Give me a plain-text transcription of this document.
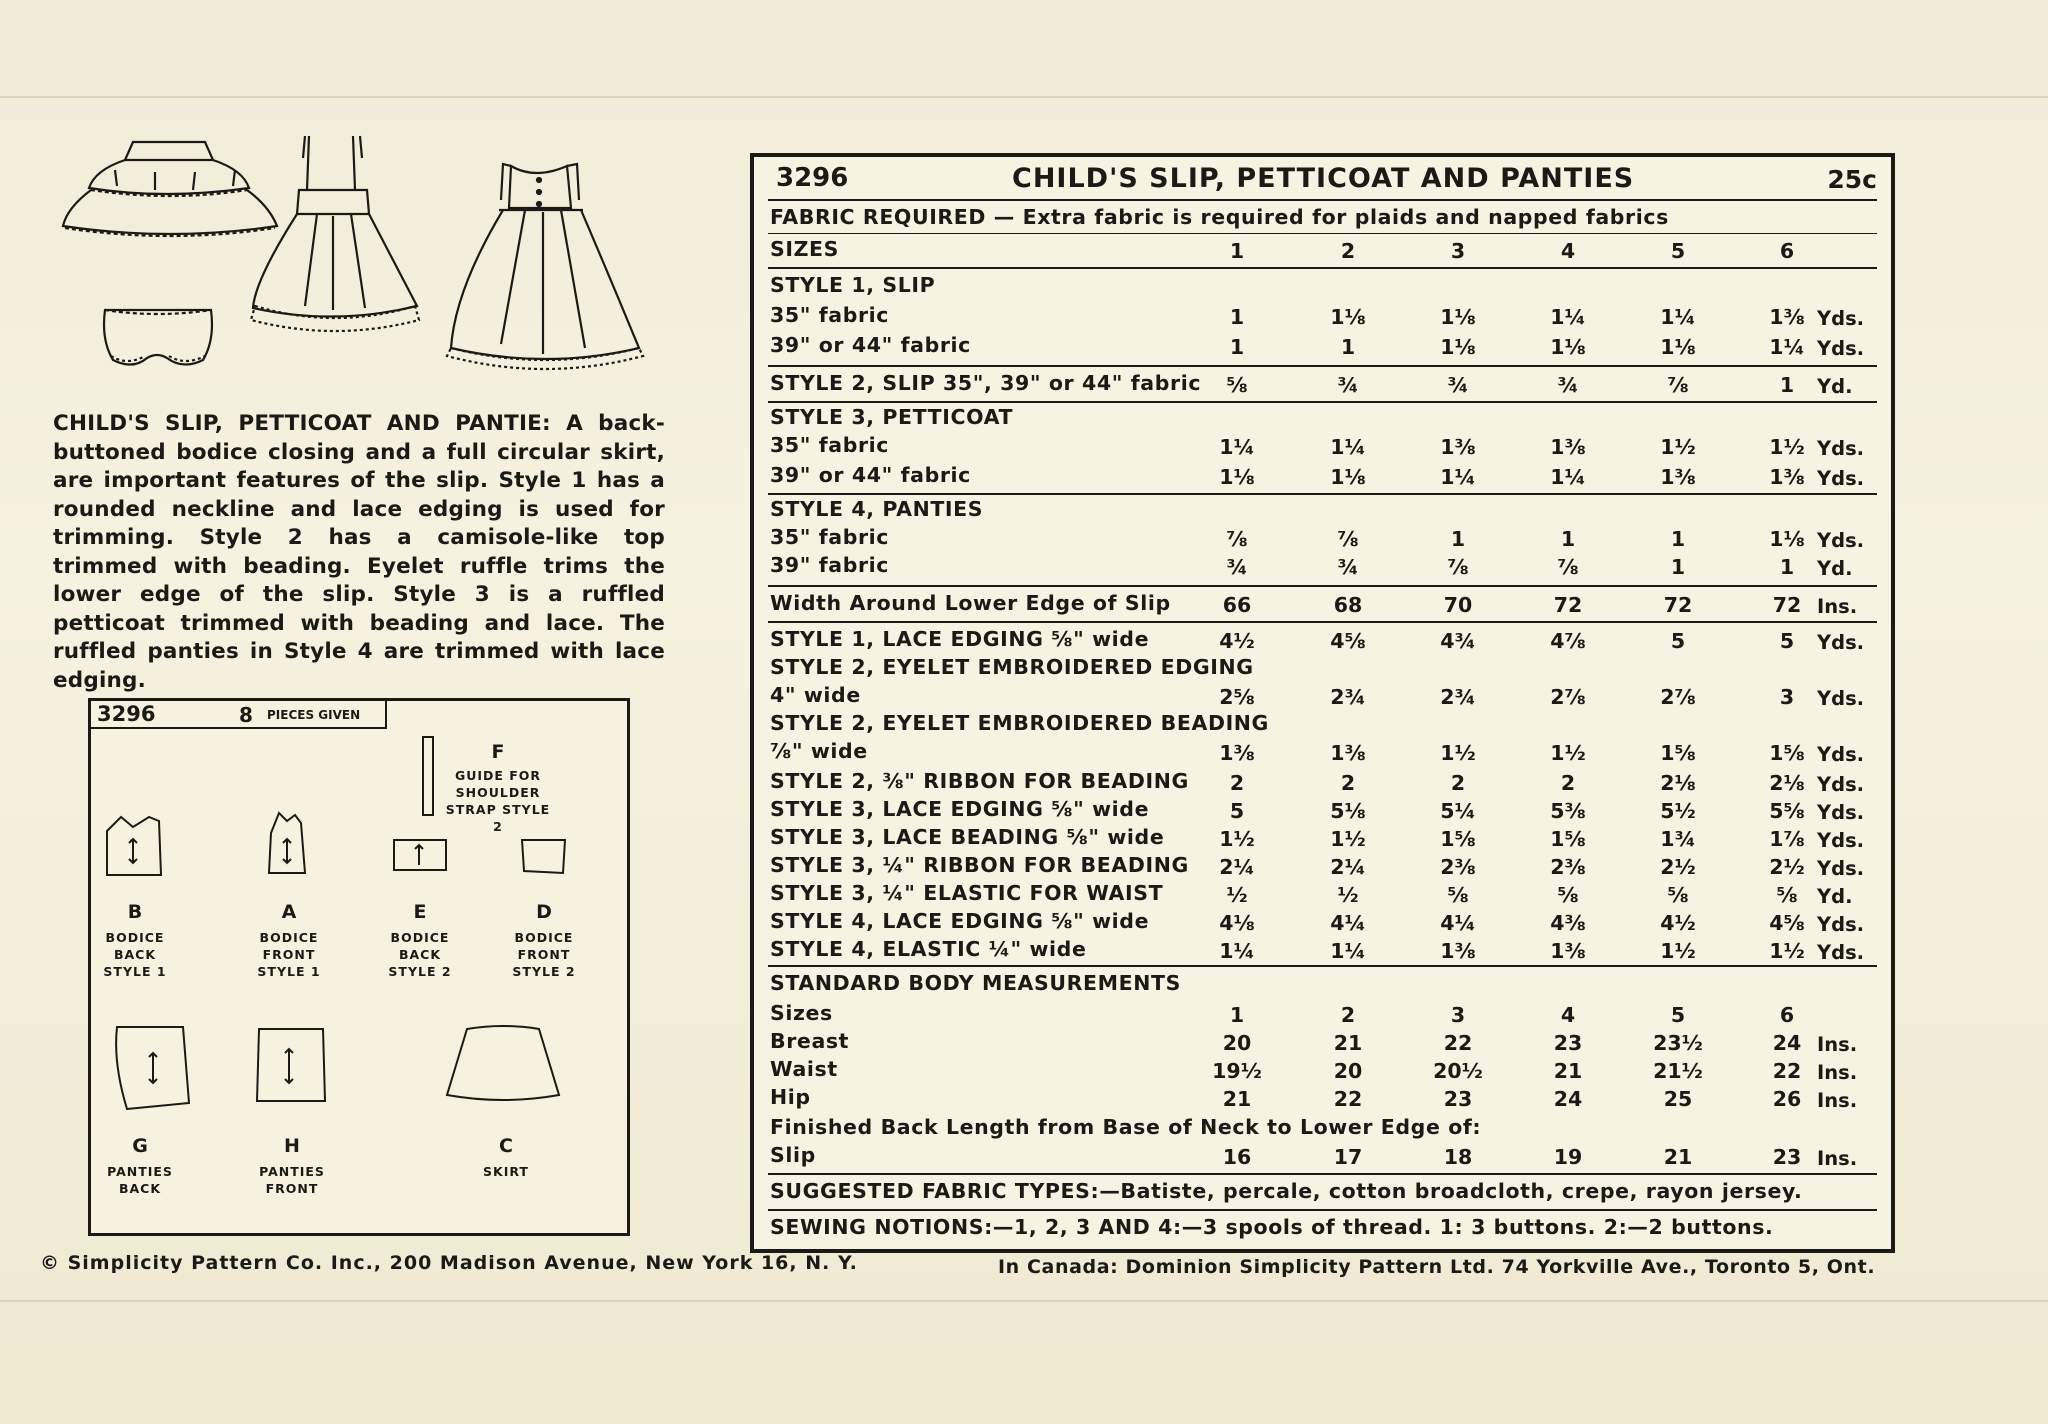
CHILD'S SLIP, PETTICOAT AND PANTIE: A back-buttoned bodice closing and a full circular skirt, are important features of the slip. Style 1 has a rounded neckline and lace edging is used for trimming. Style 2 has a camisole-like top trimmed with beading. Eyelet ruffle trims the lower edge of the slip. Style 3 is a ruffled petticoat trimmed with beading and lace. The ruffled panties in Style 4 are trimmed with lace edging.
3296	8 PIECES GIVEN
F
GUIDE FOR
SHOULDER
STRAP STYLE 2
B
BODICE
BACK
STYLE 1
A
BODICE
FRONT
STYLE 1
E
BODICE
BACK
STYLE 2
D
BODICE
FRONT
STYLE 2
G
PANTIES
BACK
H
PANTIES
FRONT
C
SKIRT
3296	CHILD'S SLIP, PETTICOAT AND PANTIES	25c
FABRIC REQUIRED — Extra fabric is required for plaids and napped fabrics
SIZES	1	2	3	4	5	6
STYLE 1, SLIP
35" fabric	1	1⅛	1⅛	1¼	1¼	1⅜ Yds.
39" or 44" fabric	1	1	1⅛	1⅛	1⅛	1¼ Yds.
STYLE 2, SLIP 35", 39" or 44" fabric	⅝	¾	¾	¾	⅞	1	Yd.
STYLE 3, PETTICOAT
35" fabric	1¼	1¼	1⅜	1⅜	1½	1½ Yds.
39" or 44" fabric	1⅛	1⅛	1¼	1¼	1⅜	1⅜ Yds.
STYLE 4, PANTIES
35" fabric	⅞	⅞	1	1	1	1⅛ Yds.
39" fabric	¾	¾	⅞	⅞	1	1	Yd.
Width Around Lower Edge of Slip	66	68	70	72	72	72 Ins.
STYLE 1, LACE EDGING ⅝" wide	4½	4⅝	4¾	4⅞	5	5	Yds.
STYLE 2, EYELET EMBROIDERED EDGING
4" wide	2⅝	2¾	2¾	2⅞	2⅞	3	Yds.
STYLE 2, EYELET EMBROIDERED BEADING
⅞" wide	1⅜	1⅜	1½	1½	1⅝	1⅝ Yds.
STYLE 2, ⅜" RIBBON FOR BEADING	2	2	2	2	2⅛	2⅛ Yds.
STYLE 3, LACE EDGING ⅝" wide	5	5⅛	5¼	5⅜	5½	5⅝ Yds.
STYLE 3, LACE BEADING ⅝" wide	1½	1½	1⅝	1⅝	1¾	1⅞ Yds.
STYLE 3, ¼" RIBBON FOR BEADING	2¼	2¼	2⅜	2⅜	2½	2½ Yds.
STYLE 3, ¼" ELASTIC FOR WAIST	½	½	⅝	⅝	⅝	⅝ Yd.
STYLE 4, LACE EDGING ⅝" wide	4⅛	4¼	4¼	4⅜	4½	4⅝ Yds.
STYLE 4, ELASTIC ¼" wide	1¼	1¼	1⅜	1⅜	1½	1½ Yds.
STANDARD BODY MEASUREMENTS
Sizes	1	2	3	4	5	6
Breast	20	21	22	23	23½	24 Ins.
Waist	19½	20	20½	21	21½	22 Ins.
Hip	21	22	23	24	25	26 Ins.
Finished Back Length from Base of Neck to Lower Edge of:
Slip	16	17	18	19	21	23 Ins.
SUGGESTED FABRIC TYPES:—Batiste, percale, cotton broadcloth, crepe, rayon jersey.
SEWING NOTIONS:—1, 2, 3 AND 4:—3 spools of thread. 1: 3 buttons. 2:—2 buttons.
© Simplicity Pattern Co. Inc., 200 Madison Avenue, New York 16, N. Y.	In Canada: Dominion Simplicity Pattern Ltd. 74 Yorkville Ave., Toronto 5, Ont.
